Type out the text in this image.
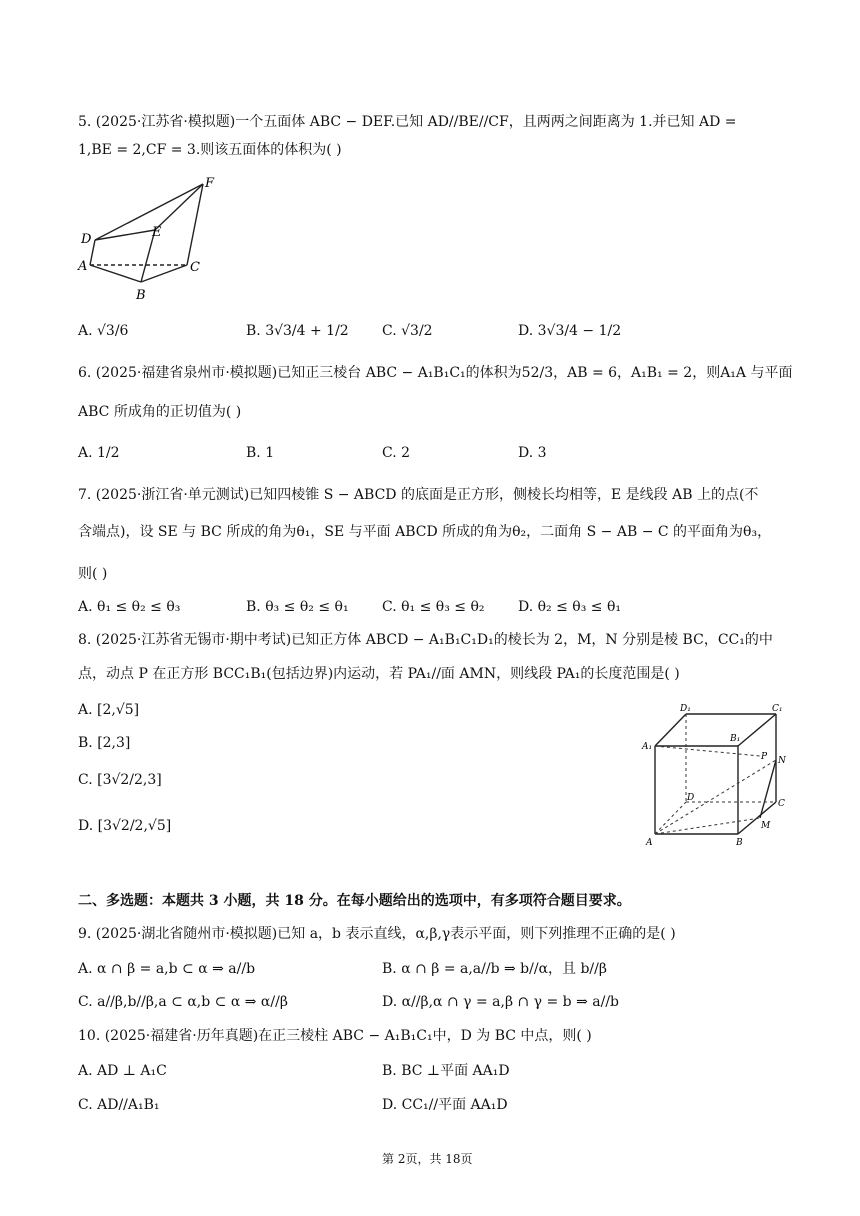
5. (2025·江苏省·模拟题)一个五面体 ABC − DEF.已知 AD//BE//CF，且两两之间距离为 1.并已知 AD =
1,BE = 2,CF = 3.则该五面体的体积为( )
F
D	E
A	C
B
A. √3/6	B. 3√3/4 + 1/2 C. √3/2	D. 3√3/4 − 1/2
6. (2025·福建省泉州市·模拟题)已知正三棱台 ABC − A₁B₁C₁的体积为52/3，AB = 6，A₁B₁ = 2，则A₁A 与平面
ABC 所成角的正切值为( )
A. 1/2	B. 1	C. 2	D. 3
7. (2025·浙江省·单元测试)已知四棱锥 S − ABCD 的底面是正方形，侧棱长均相等，E 是线段 AB 上的点(不
含端点)，设 SE 与 BC 所成的角为θ₁，SE 与平面 ABCD 所成的角为θ₂，二面角 S − AB − C 的平面角为θ₃，
则( )
A. θ₁ ≤ θ₂ ≤ θ₃	B. θ₃ ≤ θ₂ ≤ θ₁ C. θ₁ ≤ θ₃ ≤ θ₂ D. θ₂ ≤ θ₃ ≤ θ₁
8. (2025·江苏省无锡市·期中考试)已知正方体 ABCD − A₁B₁C₁D₁的棱长为 2，M，N 分别是棱 BC，CC₁的中
点，动点 P 在正方形 BCC₁B₁(包括边界)内运动，若 PA₁//面 AMN，则线段 PA₁的长度范围是( )
A. [2,√5]
B. [2,3]
C. [3√2/2,3]
D. [3√2/2,√5]
D₁	C₁
A₁
B₁
P N
D
C
M
A	B
二、多选题：本题共 3 小题，共 18 分。在每小题给出的选项中，有多项符合题目要求。
9. (2025·湖北省随州市·模拟题)已知 a，b 表示直线，α,β,γ表示平面，则下列推理不正确的是( )
A. α ∩ β = a,b ⊂ α ⇒ a//b	B. α ∩ β = a,a//b ⇒ b//α，且 b//β
C. a//β,b//β,a ⊂ α,b ⊂ α ⇒ α//β	D. α//β,α ∩ γ = a,β ∩ γ = b ⇒ a//b
10. (2025·福建省·历年真题)在正三棱柱 ABC − A₁B₁C₁中，D 为 BC 中点，则( )
A. AD ⊥ A₁C	B. BC ⊥平面 AA₁D
C. AD//A₁B₁	D. CC₁//平面 AA₁D
第 2页，共 18页
